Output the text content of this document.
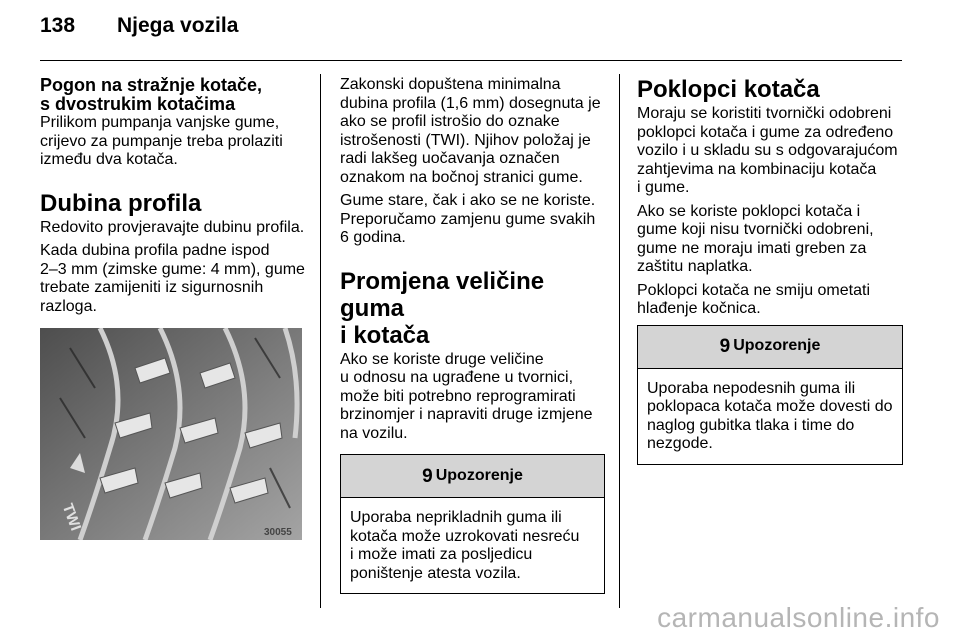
138 Njega vozila
Pogon na stražnje kotače,
s dvostrukim kotačima

Prilikom pumpanja vanjske gume, crijevo za pumpanje treba prolaziti između dva kotača.

Dubina profila

Redovito provjeravajte dubinu profila.

Kada dubina profila padne ispod
2–3 mm (zimske gume: 4 mm), gume trebate zamijeniti iz sigurnosnih razloga.

TWI	30055

Zakonski dopuštena minimalna dubina profila (1,6 mm) dosegnuta je ako se profil istrošio do oznake istrošenosti (TWI). Njihov položaj je radi lakšeg uočavanja označen oznakom na bočnoj stranici gume.

Gume stare, čak i ako se ne koriste. Preporučamo zamjenu gume svakih 6 godina.

Promjena veličine guma
i kotača

Ako se koriste druge veličine
u odnosu na ugrađene u tvornici, može biti potrebno reprogramirati brzinomjer i napraviti druge izmjene na vozilu.

9 Upozorenje
Uporaba neprikladnih guma ili kotača može uzrokovati nesreću
i može imati za posljedicu poništenje atesta vozila.
Poklopci kotača

Moraju se koristiti tvornički odobreni poklopci kotača i gume za određeno vozilo i u skladu su s odgovarajućom zahtjevima na kombinaciju kotača
i gume.

Ako se koriste poklopci kotača i gume koji nisu tvornički odobreni, gume ne moraju imati greben za zaštitu naplatka.

Poklopci kotača ne smiju ometati hlađenje kočnica.

9 Upozorenje
Uporaba nepodesnih guma ili poklopaca kotača može dovesti do naglog gubitka tlaka i time do nezgode.
carmanualsonline.info
